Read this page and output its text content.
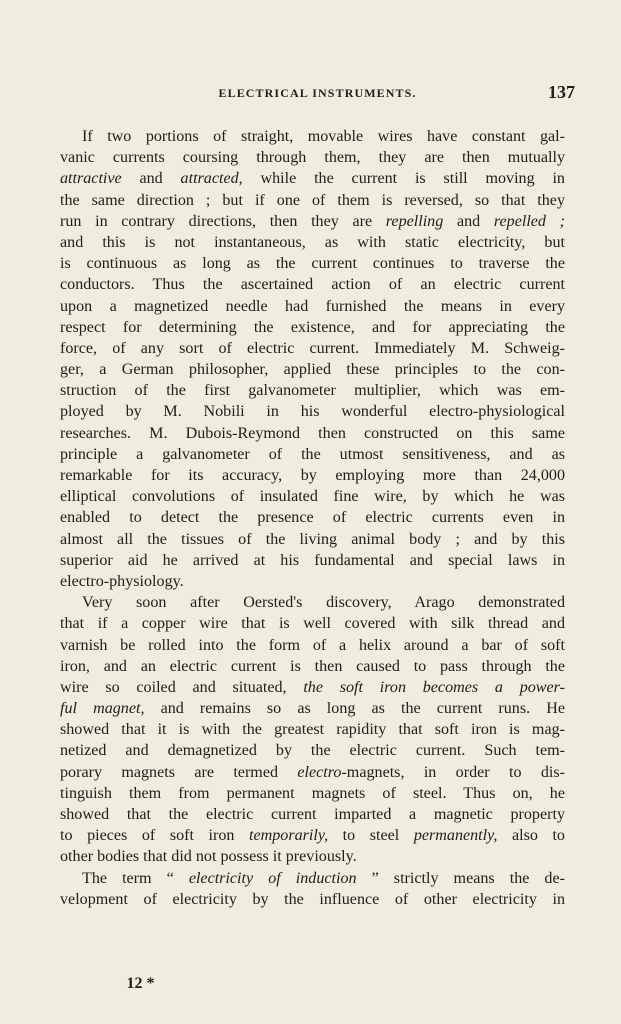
ELECTRICAL INSTRUMENTS.	137
If two portions of straight, movable wires have constant gal-
vanic currents coursing through them, they are then mutually
attractive and attracted, while the current is still moving in
the same direction ; but if one of them is reversed, so that they
run in contrary directions, then they are repelling and repelled ;
and this is not instantaneous, as with static electricity, but
is continuous as long as the current continues to traverse the
conductors. Thus the ascertained action of an electric current
upon a magnetized needle had furnished the means in every
respect for determining the existence, and for appreciating the
force, of any sort of electric current. Immediately M. Schweig-
ger, a German philosopher, applied these principles to the con-
struction of the first galvanometer multiplier, which was em-
ployed by M. Nobili in his wonderful electro-physiological
researches. M. Dubois-Reymond then constructed on this same
principle a galvanometer of the utmost sensitiveness, and as
remarkable for its accuracy, by employing more than 24,000
elliptical convolutions of insulated fine wire, by which he was
enabled to detect the presence of electric currents even in
almost all the tissues of the living animal body ; and by this
superior aid he arrived at his fundamental and special laws in
electro-physiology.
Very soon after Oersted's discovery, Arago demonstrated
that if a copper wire that is well covered with silk thread and
varnish be rolled into the form of a helix around a bar of soft
iron, and an electric current is then caused to pass through the
wire so coiled and situated, the soft iron becomes a power-
ful magnet, and remains so as long as the current runs. He
showed that it is with the greatest rapidity that soft iron is mag-
netized and demagnetized by the electric current. Such tem-
porary magnets are termed electro-magnets, in order to dis-
tinguish them from permanent magnets of steel. Thus on, he
showed that the electric current imparted a magnetic property
to pieces of soft iron temporarily, to steel permanently, also to
other bodies that did not possess it previously.
The term “ electricity of induction ” strictly means the de-
velopment of electricity by the influence of other electricity in
12 *
